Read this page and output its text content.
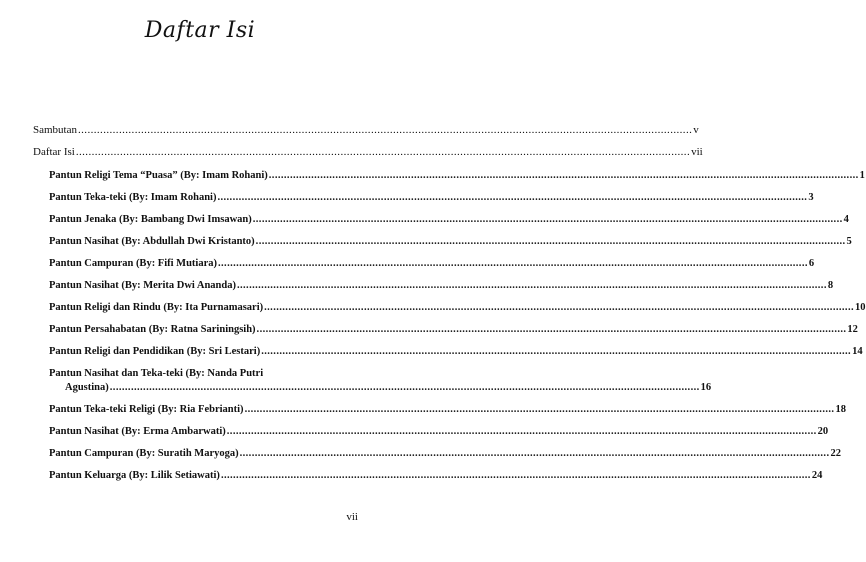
Daftar Isi
Sambutan ................................................................................................................................................................................................... v
Daftar Isi ................................................................................................................................................................................................... vii
Pantun Religi Tema “Puasa” (By: Imam Rohani) ................................................................................................................................................................................................... 1
Pantun Teka-teki (By: Imam Rohani) ................................................................................................................................................................................................... 3
Pantun Jenaka (By: Bambang Dwi Imsawan) ................................................................................................................................................................................................... 4
Pantun Nasihat (By: Abdullah Dwi Kristanto) ................................................................................................................................................................................................... 5
Pantun Campuran (By: Fifi Mutiara) ................................................................................................................................................................................................... 6
Pantun Nasihat (By: Merita Dwi Ananda) ................................................................................................................................................................................................... 8
Pantun Religi dan Rindu (By: Ita Purnamasari) ................................................................................................................................................................................................... 10
Pantun Persahabatan (By: Ratna Sariningsih) ................................................................................................................................................................................................... 12
Pantun Religi dan Pendidikan (By: Sri Lestari) ................................................................................................................................................................................................... 14
Pantun Nasihat dan Teka-teki (By: Nanda Putri
Agustina) ................................................................................................................................................................................................... 16
Pantun Teka-teki Religi (By: Ria Febrianti) ................................................................................................................................................................................................... 18
Pantun Nasihat (By: Erma Ambarwati) ................................................................................................................................................................................................... 20
Pantun Campuran (By: Suratih Maryoga) ................................................................................................................................................................................................... 22
Pantun Keluarga (By: Lilik Setiawati) ................................................................................................................................................................................................... 24
vii
